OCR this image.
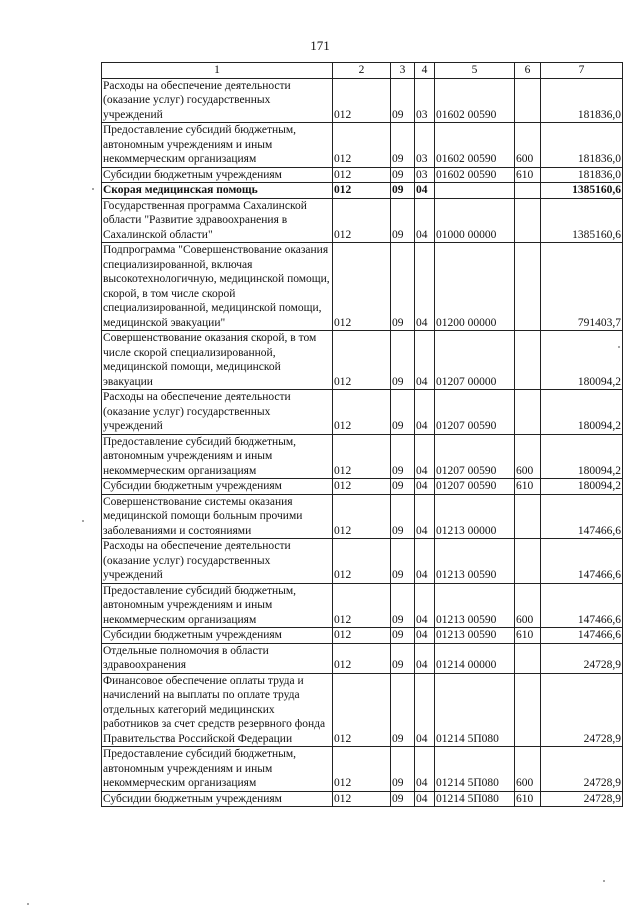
171
1	2	3	4	5	6	7
Расходы на обеспечение деятельности (оказание услуг) государственных учреждений	012	09	03	01602 00590		181836,0
Предоставление субсидий бюджетным, автономным учреждениям и иным некоммерческим организациям	012	09	03	01602 00590	600	181836,0
Субсидии бюджетным учреждениям	012	09	03	01602 00590	610	181836,0
Скорая медицинская помощь	012	09	04			1385160,6
Государственная программа Сахалинской области "Развитие здравоохранения в Сахалинской области"	012	09	04	01000 00000		1385160,6
Подпрограмма "Совершенствование оказания специализированной, включая высокотехнологичную, медицинской помощи, скорой, в том числе скорой специализированной, медицинской помощи, медицинской эвакуации"	012	09	04	01200 00000		791403,7
Совершенствование оказания скорой, в том числе скорой специализированной, медицинской помощи, медицинской эвакуации	012	09	04	01207 00000		180094,2
Расходы на обеспечение деятельности (оказание услуг) государственных учреждений	012	09	04	01207 00590		180094,2
Предоставление субсидий бюджетным, автономным учреждениям и иным некоммерческим организациям	012	09	04	01207 00590	600	180094,2
Субсидии бюджетным учреждениям	012	09	04	01207 00590	610	180094,2
Совершенствование системы оказания медицинской помощи больным прочими заболеваниями и состояниями	012	09	04	01213 00000		147466,6
Расходы на обеспечение деятельности (оказание услуг) государственных учреждений	012	09	04	01213 00590		147466,6
Предоставление субсидий бюджетным, автономным учреждениям и иным некоммерческим организациям	012	09	04	01213 00590	600	147466,6
Субсидии бюджетным учреждениям	012	09	04	01213 00590	610	147466,6
Отдельные полномочия в области здравоохранения	012	09	04	01214 00000		24728,9
Финансовое обеспечение оплаты труда и начислений на выплаты по оплате труда отдельных категорий медицинских работников за счет средств резервного фонда Правительства Российской Федерации	012	09	04	01214 5П080		24728,9
Предоставление субсидий бюджетным, автономным учреждениям и иным некоммерческим организациям	012	09	04	01214 5П080	600	24728,9
Субсидии бюджетным учреждениям	012	09	04	01214 5П080	610	24728,9
